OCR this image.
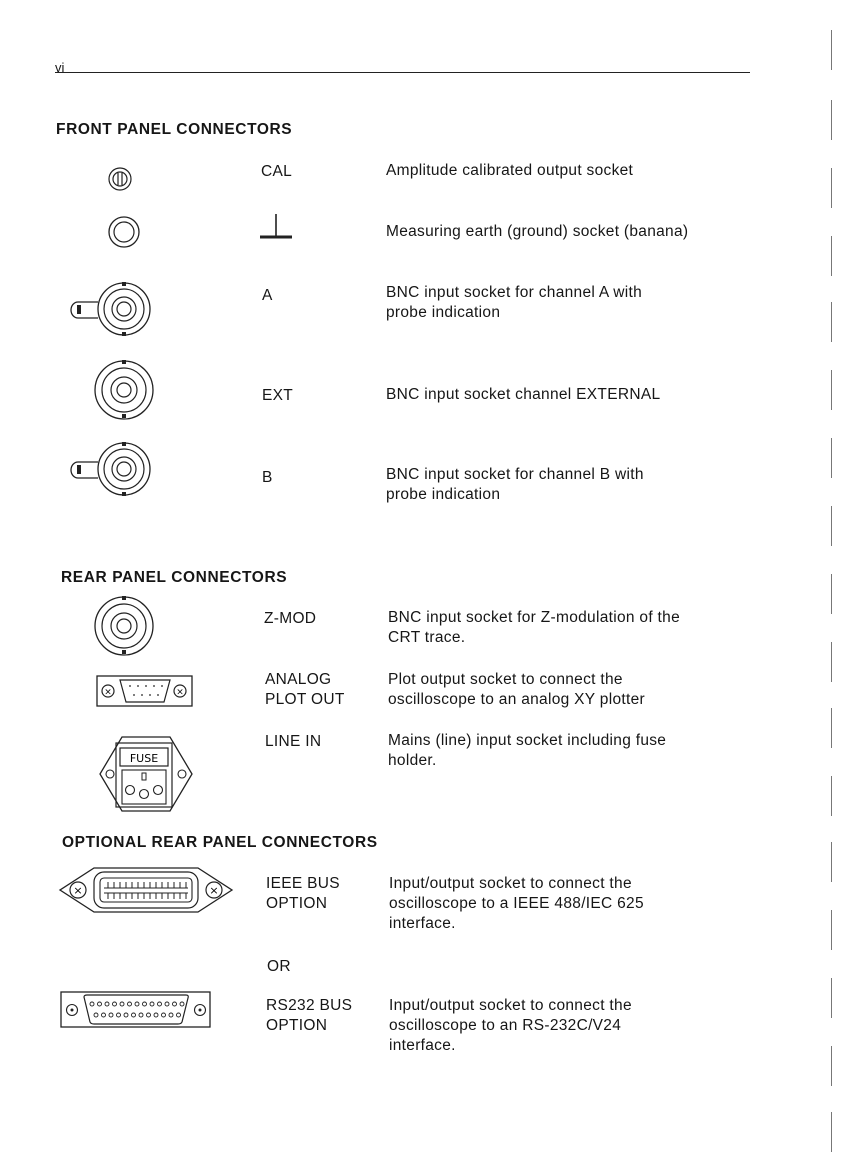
vi
FRONT PANEL CONNECTORS
CAL	Amplitude calibrated output socket
Measuring earth (ground) socket (banana)
A	BNC input socket for channel A with
probe indication
EXT	BNC input socket channel EXTERNAL
B	BNC input socket for channel B with
probe indication
REAR PANEL CONNECTORS
Z-MOD	BNC input socket for Z-modulation of the
CRT trace.
×	×
ANALOG
PLOT OUT
Plot output socket to connect the
oscilloscope to an analog XY plotter
FUSE
LINE IN	Mains (line) input socket including fuse
holder.
OPTIONAL REAR PANEL CONNECTORS
×	×	IEEE BUS
OPTION
Input/output socket to connect the
oscilloscope to a IEEE 488/IEC 625
interface.
OR
RS232 BUS
OPTION
Input/output socket to connect the
oscilloscope to an RS-232C/V24
interface.
